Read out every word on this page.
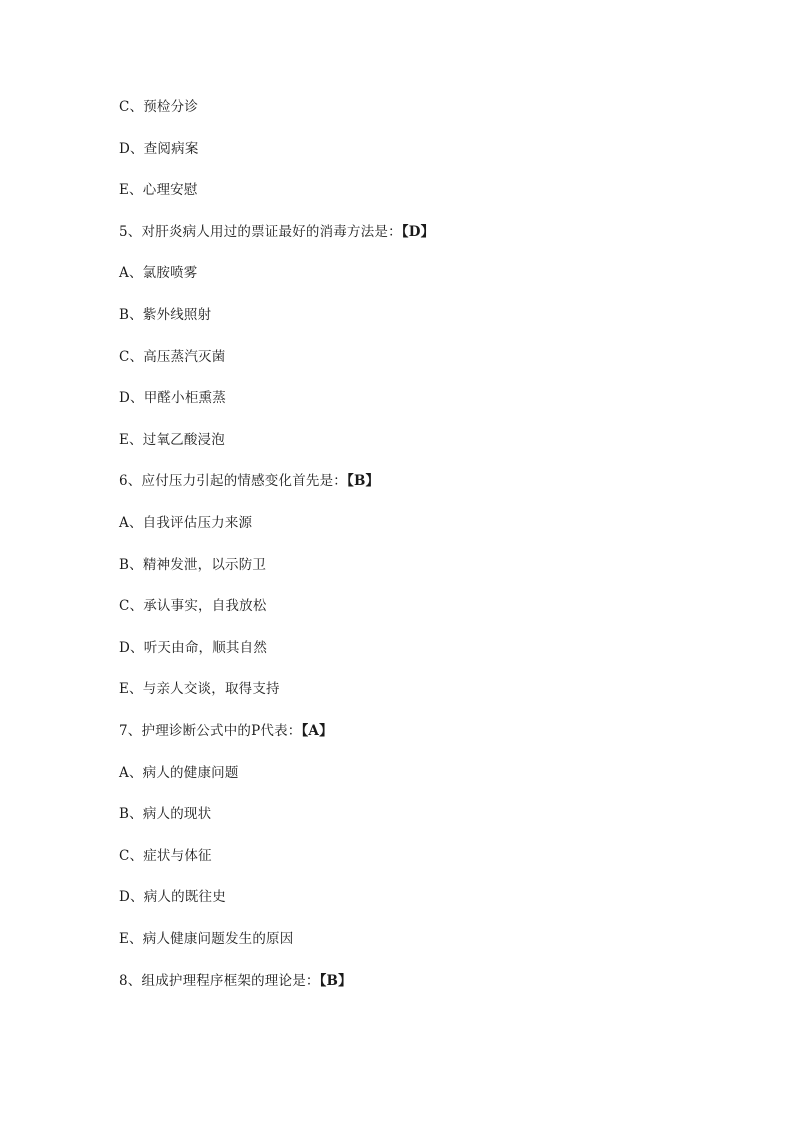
C、预检分诊
D、查阅病案
E、心理安慰
5、对肝炎病人用过的票证最好的消毒方法是：【D】
A、氯胺喷雾
B、紫外线照射
C、高压蒸汽灭菌
D、甲醛小柜熏蒸
E、过氧乙酸浸泡
6、应付压力引起的情感变化首先是：【B】
A、自我评估压力来源
B、精神发泄，以示防卫
C、承认事实，自我放松
D、听天由命，顺其自然
E、与亲人交谈，取得支持
7、护理诊断公式中的P代表：【A】
A、病人的健康问题
B、病人的现状
C、症状与体征
D、病人的既往史
E、病人健康问题发生的原因
8、组成护理程序框架的理论是：【B】
